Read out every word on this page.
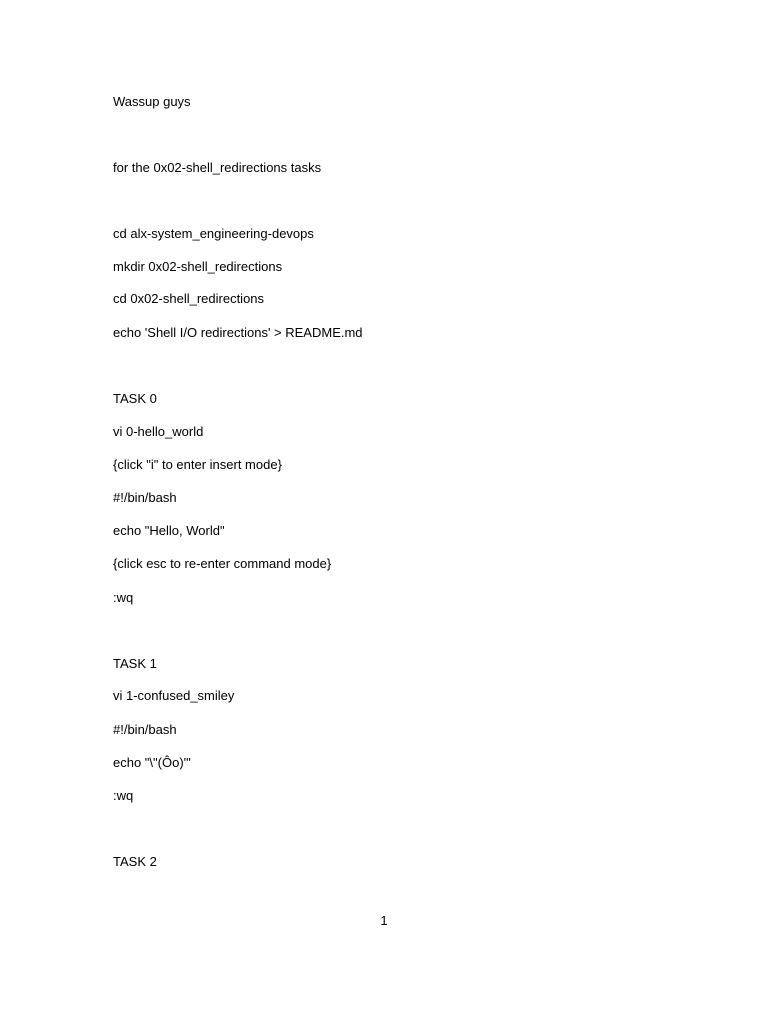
Wassup guys

for the 0x02-shell_redirections tasks

cd alx-system_engineering-devops

mkdir 0x02-shell_redirections

cd 0x02-shell_redirections

echo 'Shell I/O redirections' > README.md

TASK 0

vi 0-hello_world

{click "i" to enter insert mode}

#!/bin/bash

echo "Hello, World"

{click esc to re-enter command mode}

:wq

TASK 1

vi 1-confused_smiley

#!/bin/bash

echo "\"(Ôo)'"

:wq

TASK 2

1
